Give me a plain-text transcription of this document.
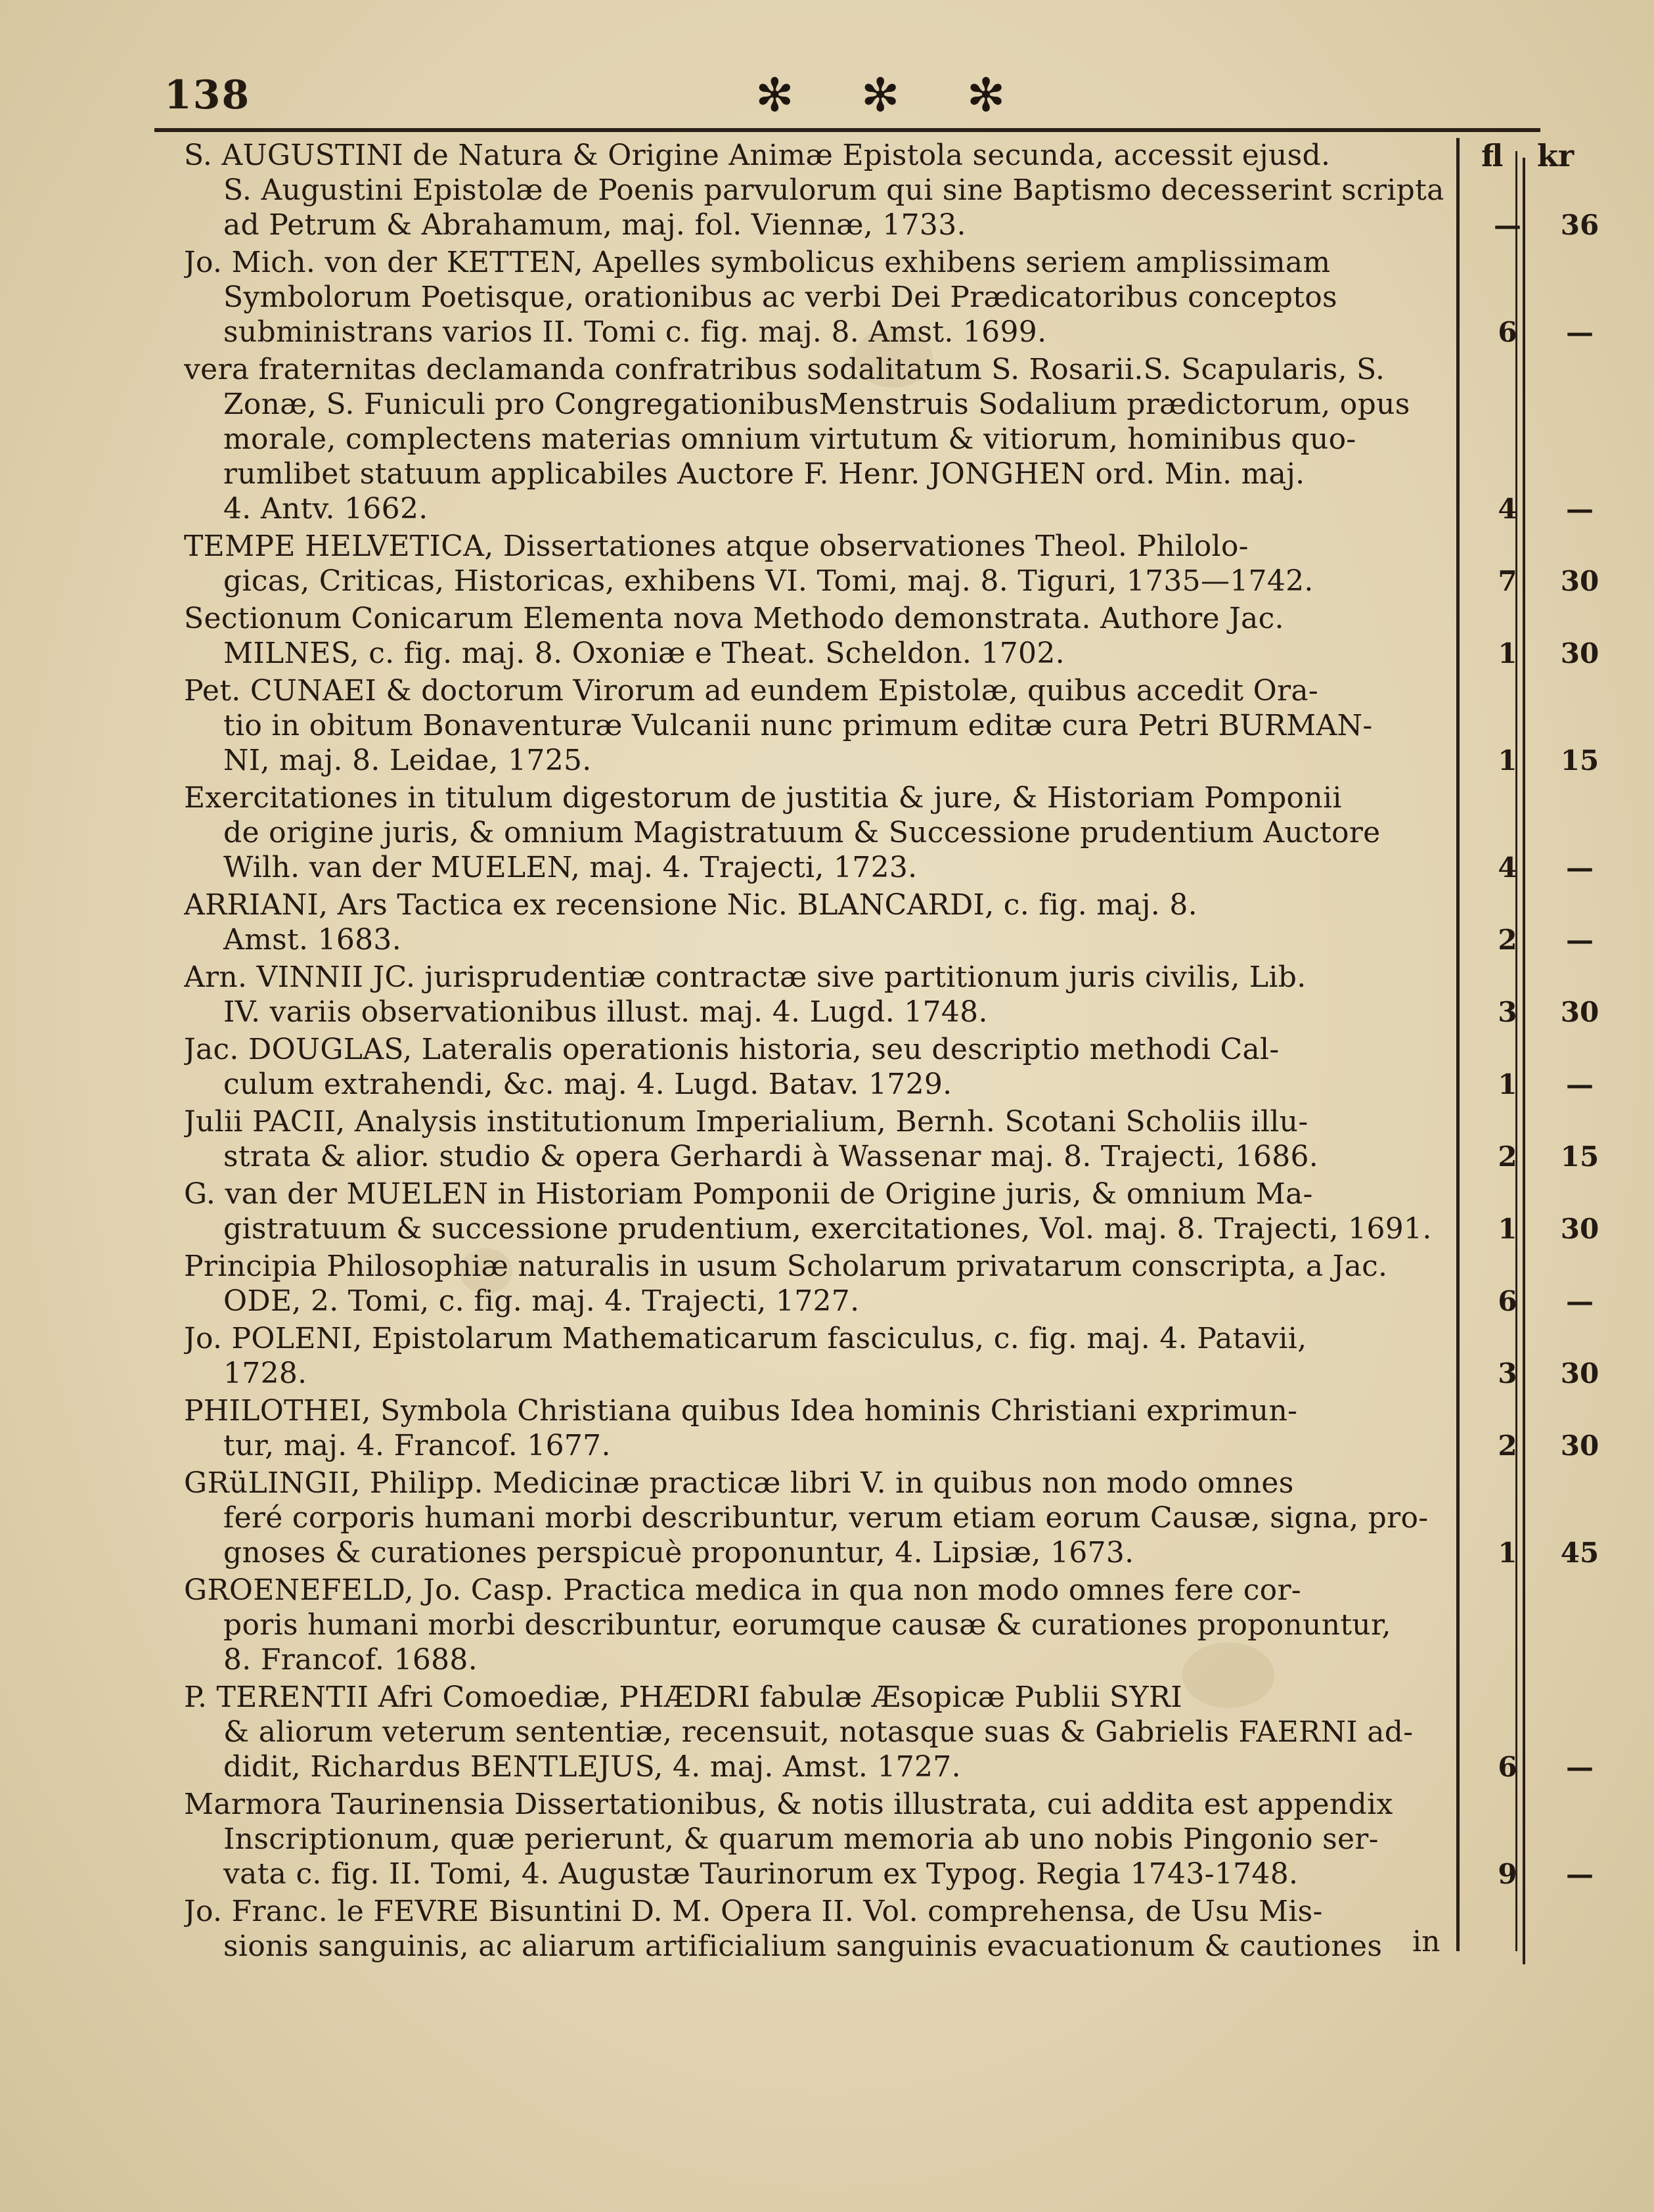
138	✻ ✻ ✻
fl kr
S. AUGUSTINI de Natura & Origine Animæ Epistola secunda, accessit ejusd.
S. Augustini Epistolæ de Poenis parvulorum qui sine Baptismo decesserint scripta
ad Petrum & Abrahamum, maj. fol. Viennæ, 1733.	—	36
Jo. Mich. von der KETTEN, Apelles symbolicus exhibens seriem amplissimam
Symbolorum Poetisque, orationibus ac verbi Dei Prædicatoribus conceptos
subministrans varios II. Tomi c. fig. maj. 8. Amst. 1699.	6	—
vera fraternitas declamanda confratribus sodalitatum S. Rosarii.S. Scapularis, S.
Zonæ, S. Funiculi pro CongregationibusMenstruis Sodalium prædictorum, opus
morale, complectens materias omnium virtutum & vitiorum, hominibus quo-
rumlibet statuum applicabiles Auctore F. Henr. JONGHEN ord. Min. maj.
4. Antv. 1662.	4	—
TEMPE HELVETICA, Dissertationes atque observationes Theol. Philolo-
gicas, Criticas, Historicas, exhibens VI. Tomi, maj. 8. Tiguri, 1735—1742.	7	30
Sectionum Conicarum Elementa nova Methodo demonstrata. Authore Jac.
MILNES, c. fig. maj. 8. Oxoniæ e Theat. Scheldon. 1702.	1	30
Pet. CUNAEI & doctorum Virorum ad eundem Epistolæ, quibus accedit Ora-
tio in obitum Bonaventuræ Vulcanii nunc primum editæ cura Petri BURMAN-
NI, maj. 8. Leidae, 1725.	1	15
Exercitationes in titulum digestorum de justitia & jure, & Historiam Pomponii
de origine juris, & omnium Magistratuum & Successione prudentium Auctore
Wilh. van der MUELEN, maj. 4. Trajecti, 1723.	4	—
ARRIANI, Ars Tactica ex recensione Nic. BLANCARDI, c. fig. maj. 8.
Amst. 1683.	2	—
Arn. VINNII JC. jurisprudentiæ contractæ sive partitionum juris civilis, Lib.
IV. variis observationibus illust. maj. 4. Lugd. 1748.	3	30
Jac. DOUGLAS, Lateralis operationis historia, seu descriptio methodi Cal-
culum extrahendi, &c. maj. 4. Lugd. Batav. 1729.	1	—
Julii PACII, Analysis institutionum Imperialium, Bernh. Scotani Scholiis illu-
strata & alior. studio & opera Gerhardi à Wassenar maj. 8. Trajecti, 1686.	2	15
G. van der MUELEN in Historiam Pomponii de Origine juris, & omnium Ma-
gistratuum & successione prudentium, exercitationes, Vol. maj. 8. Trajecti, 1691.	1	30
Principia Philosophiæ naturalis in usum Scholarum privatarum conscripta, a Jac.
ODE, 2. Tomi, c. fig. maj. 4. Trajecti, 1727.	6	—
Jo. POLENI, Epistolarum Mathematicarum fasciculus, c. fig. maj. 4. Patavii,
1728.	3	30
PHILOTHEI, Symbola Christiana quibus Idea hominis Christiani exprimun-
tur, maj. 4. Francof. 1677.	2	30
GRüLINGII, Philipp. Medicinæ practicæ libri V. in quibus non modo omnes
feré corporis humani morbi describuntur, verum etiam eorum Causæ, signa, pro-
gnoses & curationes perspicuè proponuntur, 4. Lipsiæ, 1673.	1	45
GROENEFELD, Jo. Casp. Practica medica in qua non modo omnes fere cor-
poris humani morbi describuntur, eorumque causæ & curationes proponuntur,
8. Francof. 1688.
P. TERENTII Afri Comoediæ, PHÆDRI fabulæ Æsopicæ Publii SYRI
& aliorum veterum sententiæ, recensuit, notasque suas & Gabrielis FAERNI ad-
didit, Richardus BENTLEJUS, 4. maj. Amst. 1727.	6	—
Marmora Taurinensia Dissertationibus, & notis illustrata, cui addita est appendix
Inscriptionum, quæ perierunt, & quarum memoria ab uno nobis Pingonio ser-
vata c. fig. II. Tomi, 4. Augustæ Taurinorum ex Typog. Regia 1743-1748.	9	—
Jo. Franc. le FEVRE Bisuntini D. M. Opera II. Vol. comprehensa, de Usu Mis-
sionis sanguinis, ac aliarum artificialium sanguinis evacuationum & cautiones	in
